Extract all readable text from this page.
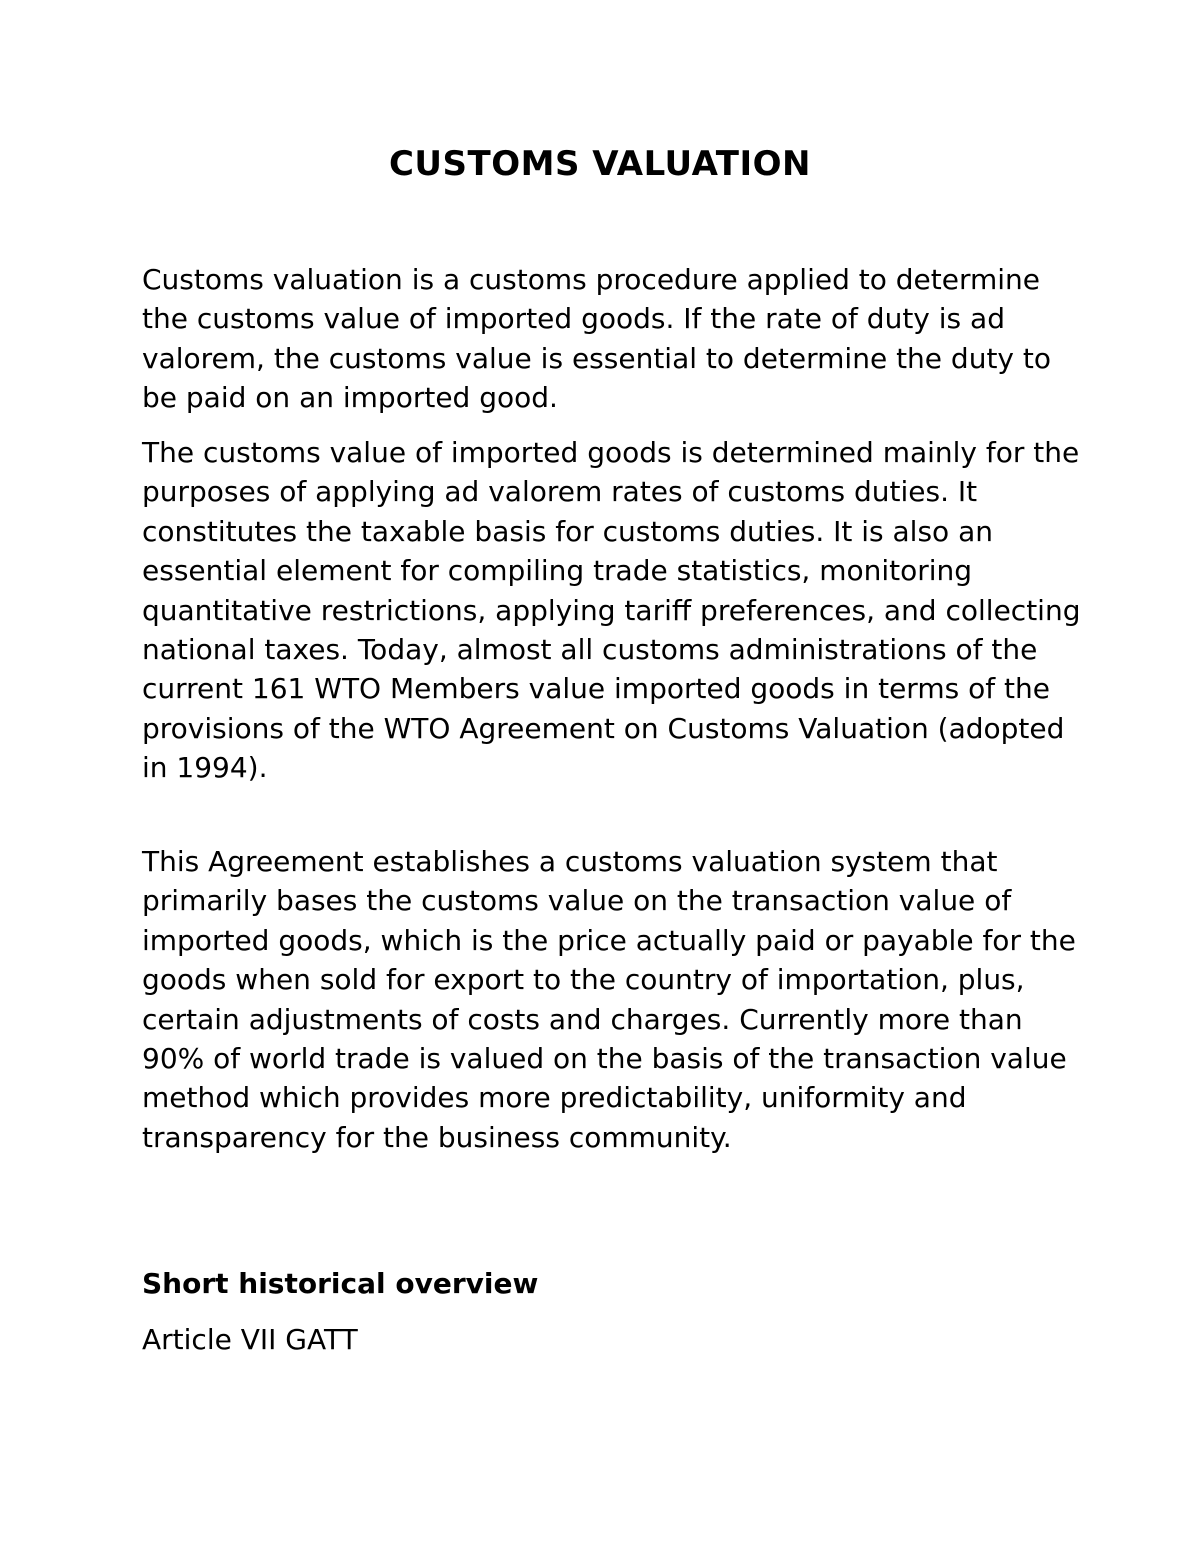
CUSTOMS VALUATION

Customs valuation is a customs procedure applied to determine the customs value of imported goods. If the rate of duty is ad valorem, the customs value is essential to determine the duty to be paid on an imported good.

The customs value of imported goods is determined mainly for the purposes of applying ad valorem rates of customs duties. It constitutes the taxable basis for customs duties. It is also an essential element for compiling trade statistics, monitoring quantitative restrictions, applying tariff preferences, and collecting national taxes. Today, almost all customs administrations of the current 161 WTO Members value imported goods in terms of the provisions of the WTO Agreement on Customs Valuation (adopted in 1994).

This Agreement establishes a customs valuation system that primarily bases the customs value on the transaction value of imported goods, which is the price actually paid or payable for the goods when sold for export to the country of importation, plus, certain adjustments of costs and charges. Currently more than 90% of world trade is valued on the basis of the transaction value method which provides more predictability, uniformity and transparency for the business community.

Short historical overview

Article VII GATT
